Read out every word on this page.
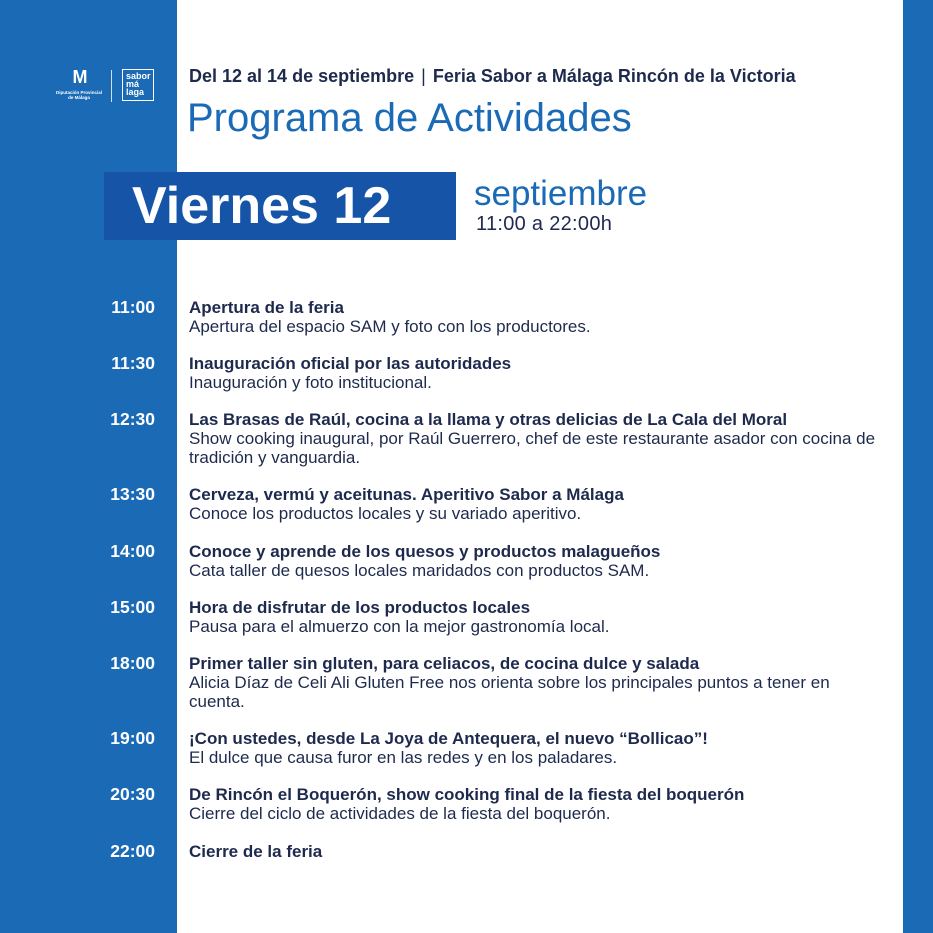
M
Diputación Provincial de Málaga
sabor
má
laga
Del 12 al 14 de septiembre | Feria Sabor a Málaga Rincón de la Victoria
Programa de Actividades
Viernes 12	septiembre
11:00 a 22:00h
11:00 Apertura de la feria
Apertura del espacio SAM y foto con los productores.
11:30 Inauguración oficial por las autoridades
Inauguración y foto institucional.
12:30 Las Brasas de Raúl, cocina a la llama y otras delicias de La Cala del Moral
Show cooking inaugural, por Raúl Guerrero, chef de este restaurante asador con cocina de tradición y vanguardia.
13:30 Cerveza, vermú y aceitunas. Aperitivo Sabor a Málaga
Conoce los productos locales y su variado aperitivo.
14:00 Conoce y aprende de los quesos y productos malagueños
Cata taller de quesos locales maridados con productos SAM.
15:00 Hora de disfrutar de los productos locales
Pausa para el almuerzo con la mejor gastronomía local.
18:00 Primer taller sin gluten, para celiacos, de cocina dulce y salada
Alicia Díaz de Celi Ali Gluten Free nos orienta sobre los principales puntos a tener en cuenta.
19:00 ¡Con ustedes, desde La Joya de Antequera, el nuevo “Bollicao”!
El dulce que causa furor en las redes y en los paladares.
20:30 De Rincón el Boquerón, show cooking final de la fiesta del boquerón
Cierre del ciclo de actividades de la fiesta del boquerón.
22:00 Cierre de la feria
